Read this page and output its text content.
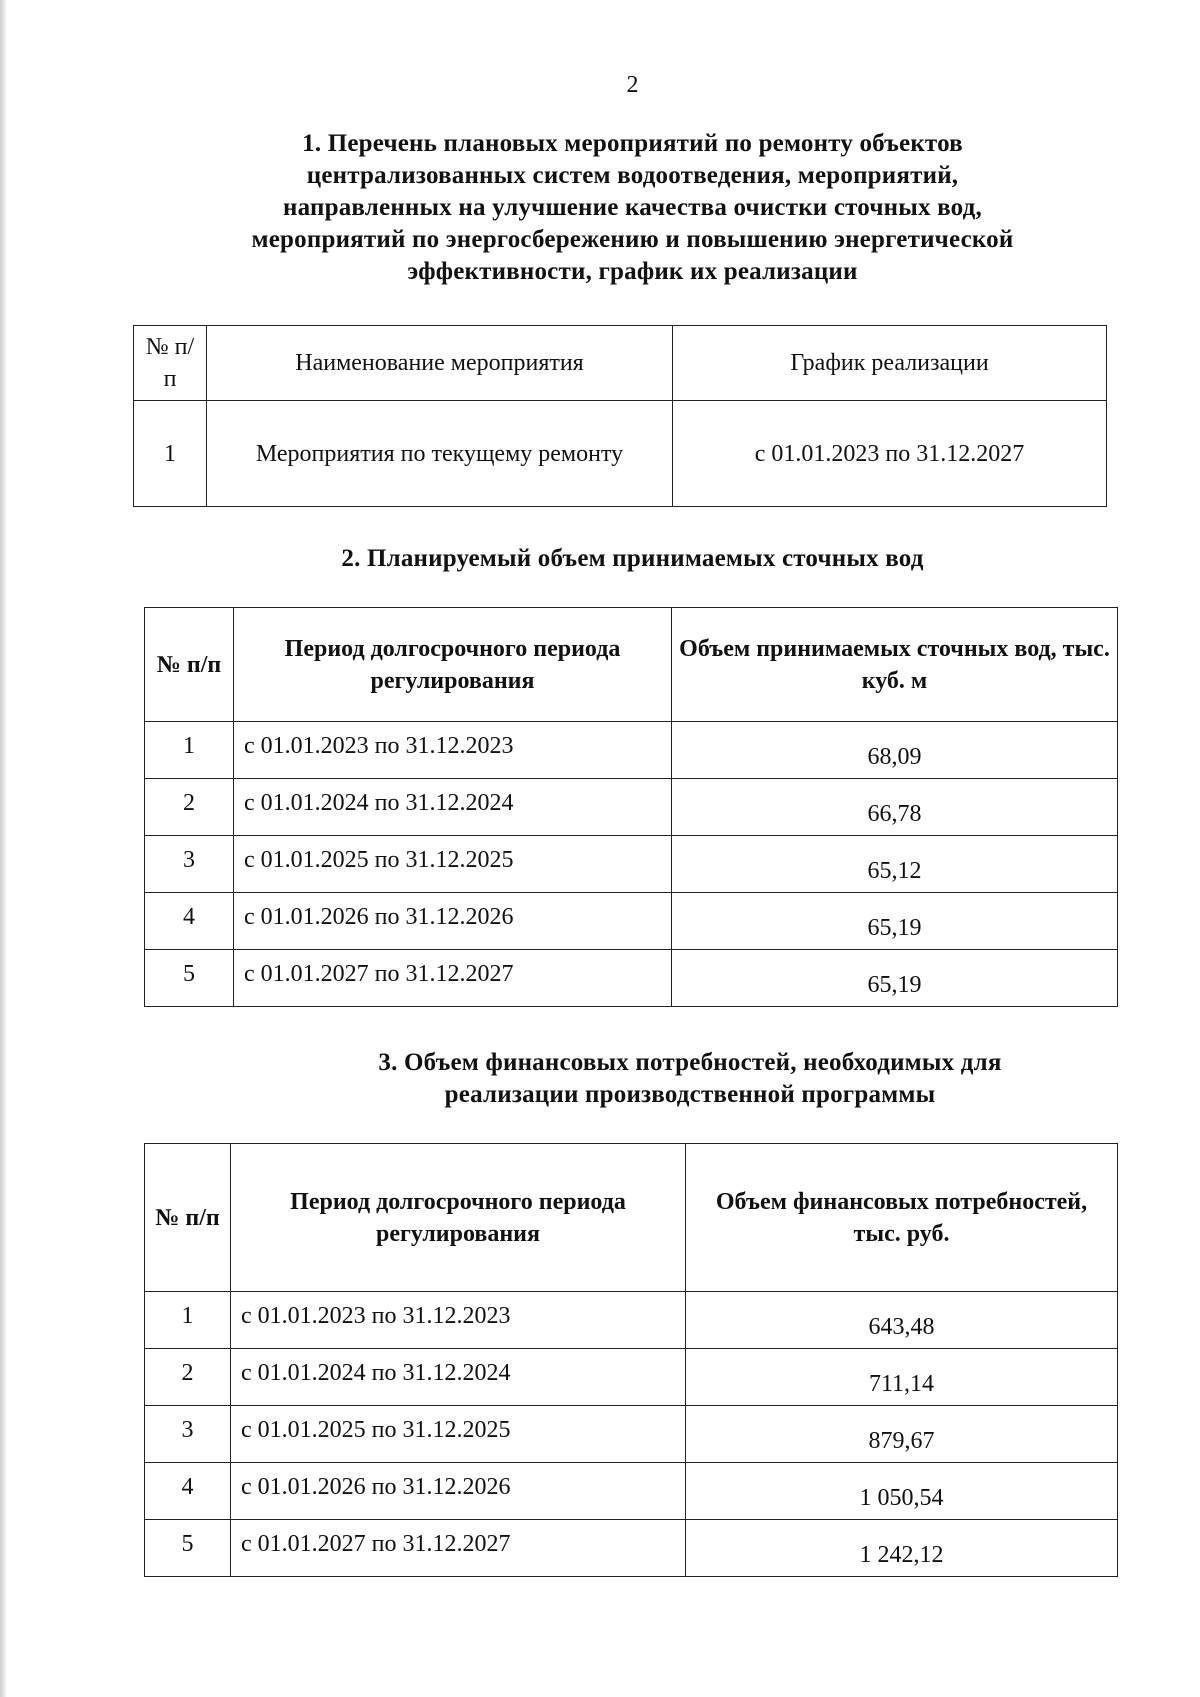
2
1. Перечень плановых мероприятий по ремонту объектов
централизованных систем водоотведения, мероприятий,
направленных на улучшение качества очистки сточных вод,
мероприятий по энергосбережению и повышению энергетической
эффективности, график их реализации
№ п/п	Наименование мероприятия	График реализации
1	Мероприятия по текущему ремонту	с 01.01.2023 по 31.12.2027
2. Планируемый объем принимаемых сточных вод
№ п/п	Период долгосрочного периода регулирования	Объем принимаемых сточных вод, тыс. куб. м
1	с 01.01.2023 по 31.12.2023	68,09
2	с 01.01.2024 по 31.12.2024	66,78
3	с 01.01.2025 по 31.12.2025	65,12
4	с 01.01.2026 по 31.12.2026	65,19
5	с 01.01.2027 по 31.12.2027	65,19
3. Объем финансовых потребностей, необходимых для
реализации производственной программы
№ п/п	Период долгосрочного периода регулирования	Объем финансовых потребностей, тыс. руб.
1	с 01.01.2023 по 31.12.2023	643,48
2	с 01.01.2024 по 31.12.2024	711,14
3	с 01.01.2025 по 31.12.2025	879,67
4	с 01.01.2026 по 31.12.2026	1 050,54
5	с 01.01.2027 по 31.12.2027	1 242,12
